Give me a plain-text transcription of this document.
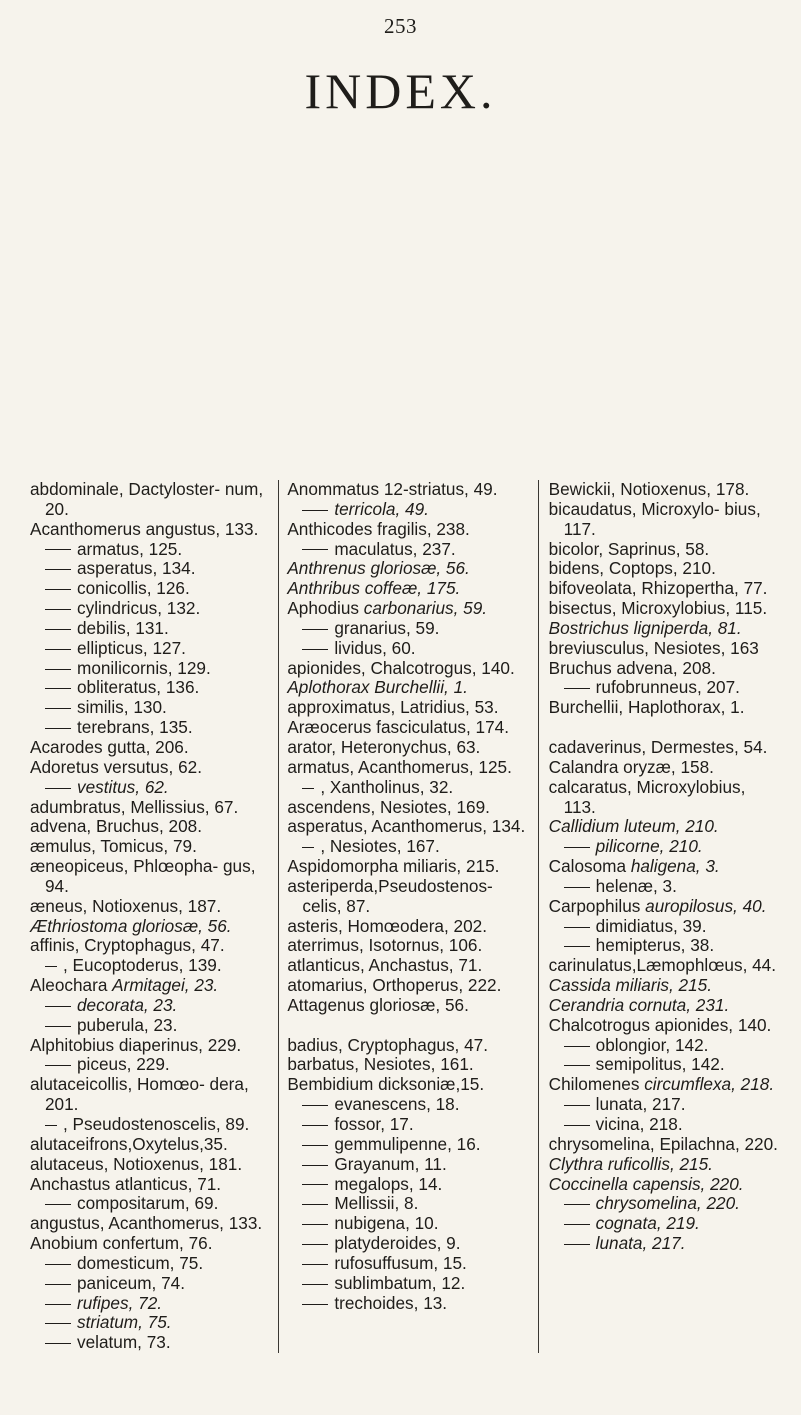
253
INDEX.
abdominale, Dactyloster- num, 20.
Acanthomerus angustus, 133.
armatus, 125.
asperatus, 134.
conicollis, 126.
cylindricus, 132.
debilis, 131.
ellipticus, 127.
monilicornis, 129.
obliteratus, 136.
similis, 130.
terebrans, 135.
Acarodes gutta, 206.
Adoretus versutus, 62.
vestitus, 62.
adumbratus, Mellissius, 67.
advena, Bruchus, 208.
æmulus, Tomicus, 79.
æneopiceus, Phlœopha- gus, 94.
æneus, Notioxenus, 187.
Æthriostoma gloriosæ, 56.
affinis, Cryptophagus, 47.
, Eucoptoderus, 139.
Aleochara Armitagei, 23.
decorata, 23.
puberula, 23.
Alphitobius diaperinus, 229.
piceus, 229.
alutaceicollis, Homœo- dera, 201.
, Pseudostenoscelis, 89.
alutaceifrons,Oxytelus,35.
alutaceus, Notioxenus, 181.
Anchastus atlanticus, 71.
compositarum, 69.
angustus, Acanthomerus, 133.
Anobium confertum, 76.
domesticum, 75.
paniceum, 74.
rufipes, 72.
striatum, 75.
velatum, 73.
Anommatus 12-striatus, 49.
terricola, 49.
Anthicodes fragilis, 238.
maculatus, 237.
Anthrenus gloriosæ, 56.
Anthribus coffeæ, 175.
Aphodius carbonarius, 59.
granarius, 59.
lividus, 60.
apionides, Chalcotrogus, 140.
Aplothorax Burchellii, 1.
approximatus, Latridius, 53.
Aræocerus fasciculatus, 174.
arator, Heteronychus, 63.
armatus, Acanthomerus, 125.
, Xantholinus, 32.
ascendens, Nesiotes, 169.
asperatus, Acanthomerus, 134.
, Nesiotes, 167.
Aspidomorpha miliaris, 215.
asteriperda,Pseudostenos- celis, 87.
asteris, Homœodera, 202.
aterrimus, Isotornus, 106.
atlanticus, Anchastus, 71.
atomarius, Orthoperus, 222.
Attagenus gloriosæ, 56.
badius, Cryptophagus, 47.
barbatus, Nesiotes, 161.
Bembidium dicksoniæ,15.
evanescens, 18.
fossor, 17.
gemmulipenne, 16.
Grayanum, 11.
megalops, 14.
Mellissii, 8.
nubigena, 10.
platyderoides, 9.
rufosuffusum, 15.
sublimbatum, 12.
trechoides, 13.
Bewickii, Notioxenus, 178.
bicaudatus, Microxylo- bius, 117.
bicolor, Saprinus, 58.
bidens, Coptops, 210.
bifoveolata, Rhizopertha, 77.
bisectus, Microxylobius, 115.
Bostrichus ligniperda, 81.
breviusculus, Nesiotes, 163
Bruchus advena, 208.
rufobrunneus, 207.
Burchellii, Haplothorax, 1.
cadaverinus, Dermestes, 54.
Calandra oryzæ, 158.
calcaratus, Microxylobius, 113.
Callidium luteum, 210.
pilicorne, 210.
Calosoma haligena, 3.
helenæ, 3.
Carpophilus auropilosus, 40.
dimidiatus, 39.
hemipterus, 38.
carinulatus,Læmophlœus, 44.
Cassida miliaris, 215.
Cerandria cornuta, 231.
Chalcotrogus apionides, 140.
oblongior, 142.
semipolitus, 142.
Chilomenes circumflexa, 218.
lunata, 217.
vicina, 218.
chrysomelina, Epilachna, 220.
Clythra ruficollis, 215.
Coccinella capensis, 220.
chrysomelina, 220.
cognata, 219.
lunata, 217.
